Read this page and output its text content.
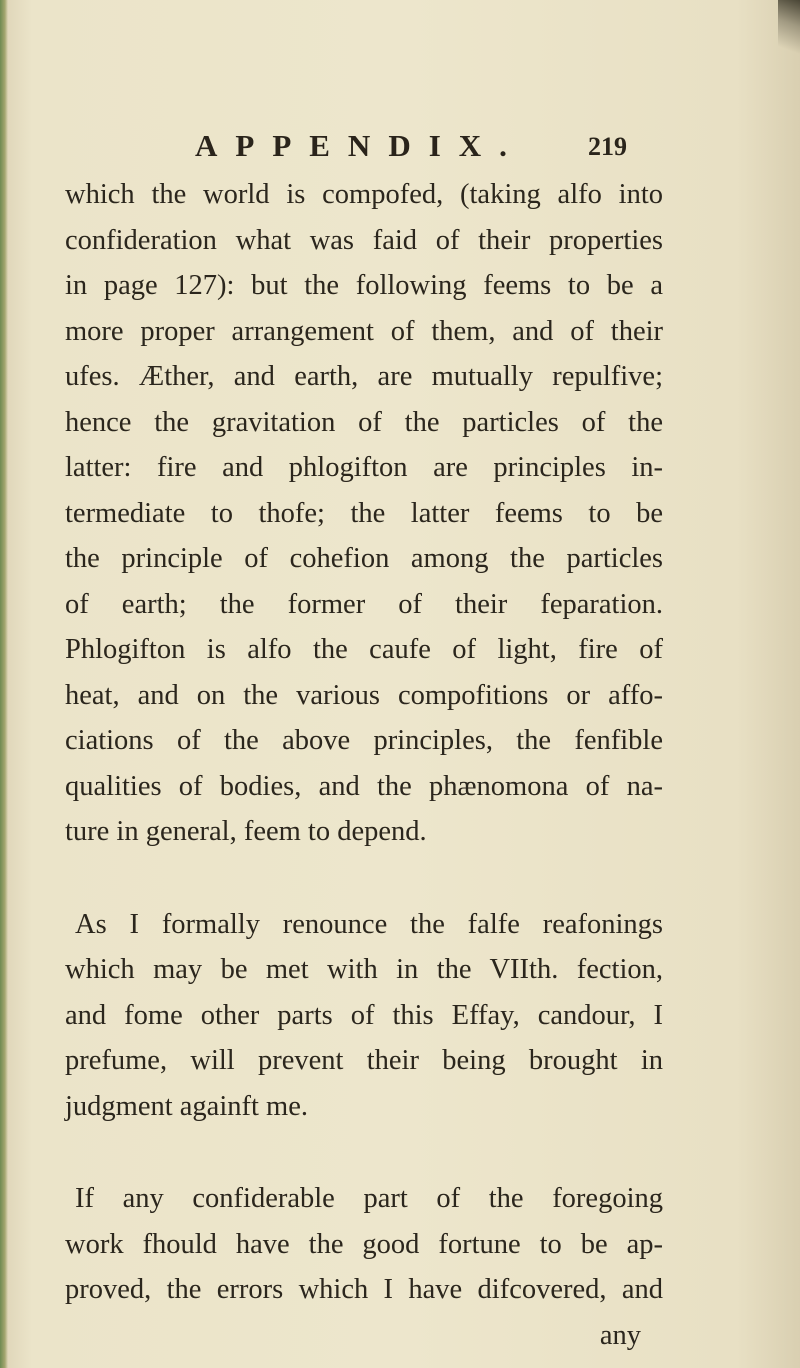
APPENDIX. 219
which the world is compofed, (taking alfo into
confideration what was faid of their properties
in page 127): but the following feems to be a
more proper arrangement of them, and of their
ufes. Æther, and earth, are mutually repulfive;
hence the gravitation of the particles of the
latter: fire and phlogifton are principles in-
termediate to thofe; the latter feems to be
the principle of cohefion among the particles
of earth; the former of their feparation.
Phlogifton is alfo the caufe of light, fire of
heat, and on the various compofitions or affo-
ciations of the above principles, the fenfible
qualities of bodies, and the phænomona of na-
ture in general, feem to depend.
As I formally renounce the falfe reafonings
which may be met with in the VIIth. fection,
and fome other parts of this Effay, candour, I
prefume, will prevent their being brought in
judgment againft me.
If any confiderable part of the foregoing
work fhould have the good fortune to be ap-
proved, the errors which I have difcovered, and
any
